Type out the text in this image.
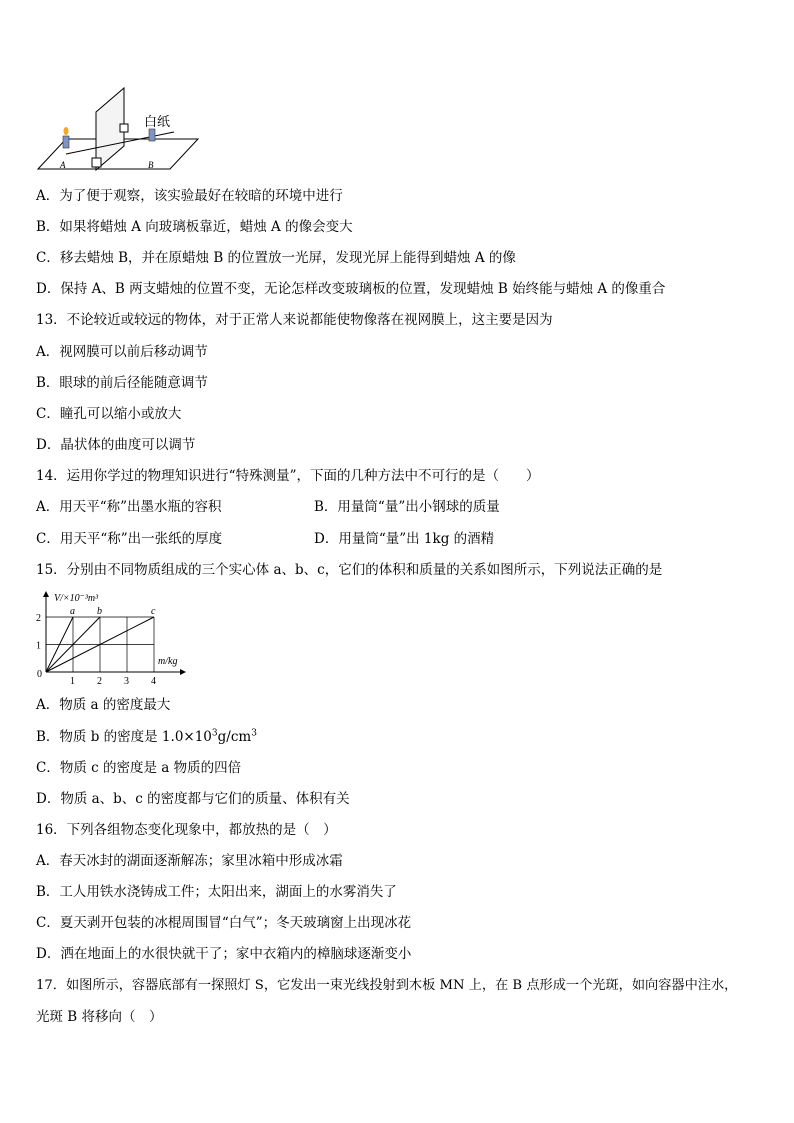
白纸
A	B
A．为了便于观察，该实验最好在较暗的环境中进行
B．如果将蜡烛 A 向玻璃板靠近，蜡烛 A 的像会变大
C．移去蜡烛 B，并在原蜡烛 B 的位置放一光屏，发现光屏上能得到蜡烛 A 的像
D．保持 A、B 两支蜡烛的位置不变，无论怎样改变玻璃板的位置，发现蜡烛 B 始终能与蜡烛 A 的像重合
13．不论较近或较远的物体，对于正常人来说都能使物像落在视网膜上，这主要是因为
A．视网膜可以前后移动调节
B．眼球的前后径能随意调节
C．瞳孔可以缩小或放大
D．晶状体的曲度可以调节
14．运用你学过的物理知识进行“特殊测量”，下面的几种方法中不可行的是（　　）
A．用天平“称”出墨水瓶的容积	B．用量筒“量”出小钢球的质量
C．用天平“称”出一张纸的厚度	D．用量筒“量”出 1kg 的酒精
15．分别由不同物质组成的三个实心体 a、b、c，它们的体积和质量的关系如图所示，下列说法正确的是
a b	c
1 2 3 4
1
2
V/×10⁻³m³
m/kg
0
A．物质 a 的密度最大
B．物质 b 的密度是 $1.0\times 10^3g/cm^3$
C．物质 c 的密度是 a 物质的四倍
D．物质 a、b、c 的密度都与它们的质量、体积有关
16．下列各组物态变化现象中，都放热的是（　）
A．春天冰封的湖面逐渐解冻；家里冰箱中形成冰霜
B．工人用铁水浇铸成工件；太阳出来，湖面上的水雾消失了
C．夏天剥开包装的冰棍周围冒“白气”；冬天玻璃窗上出现冰花
D．洒在地面上的水很快就干了；家中衣箱内的樟脑球逐渐变小
17．如图所示，容器底部有一探照灯 S，它发出一束光线投射到木板 MN 上，在 B 点形成一个光斑，如向容器中注水，
光斑 B 将移向（　）
